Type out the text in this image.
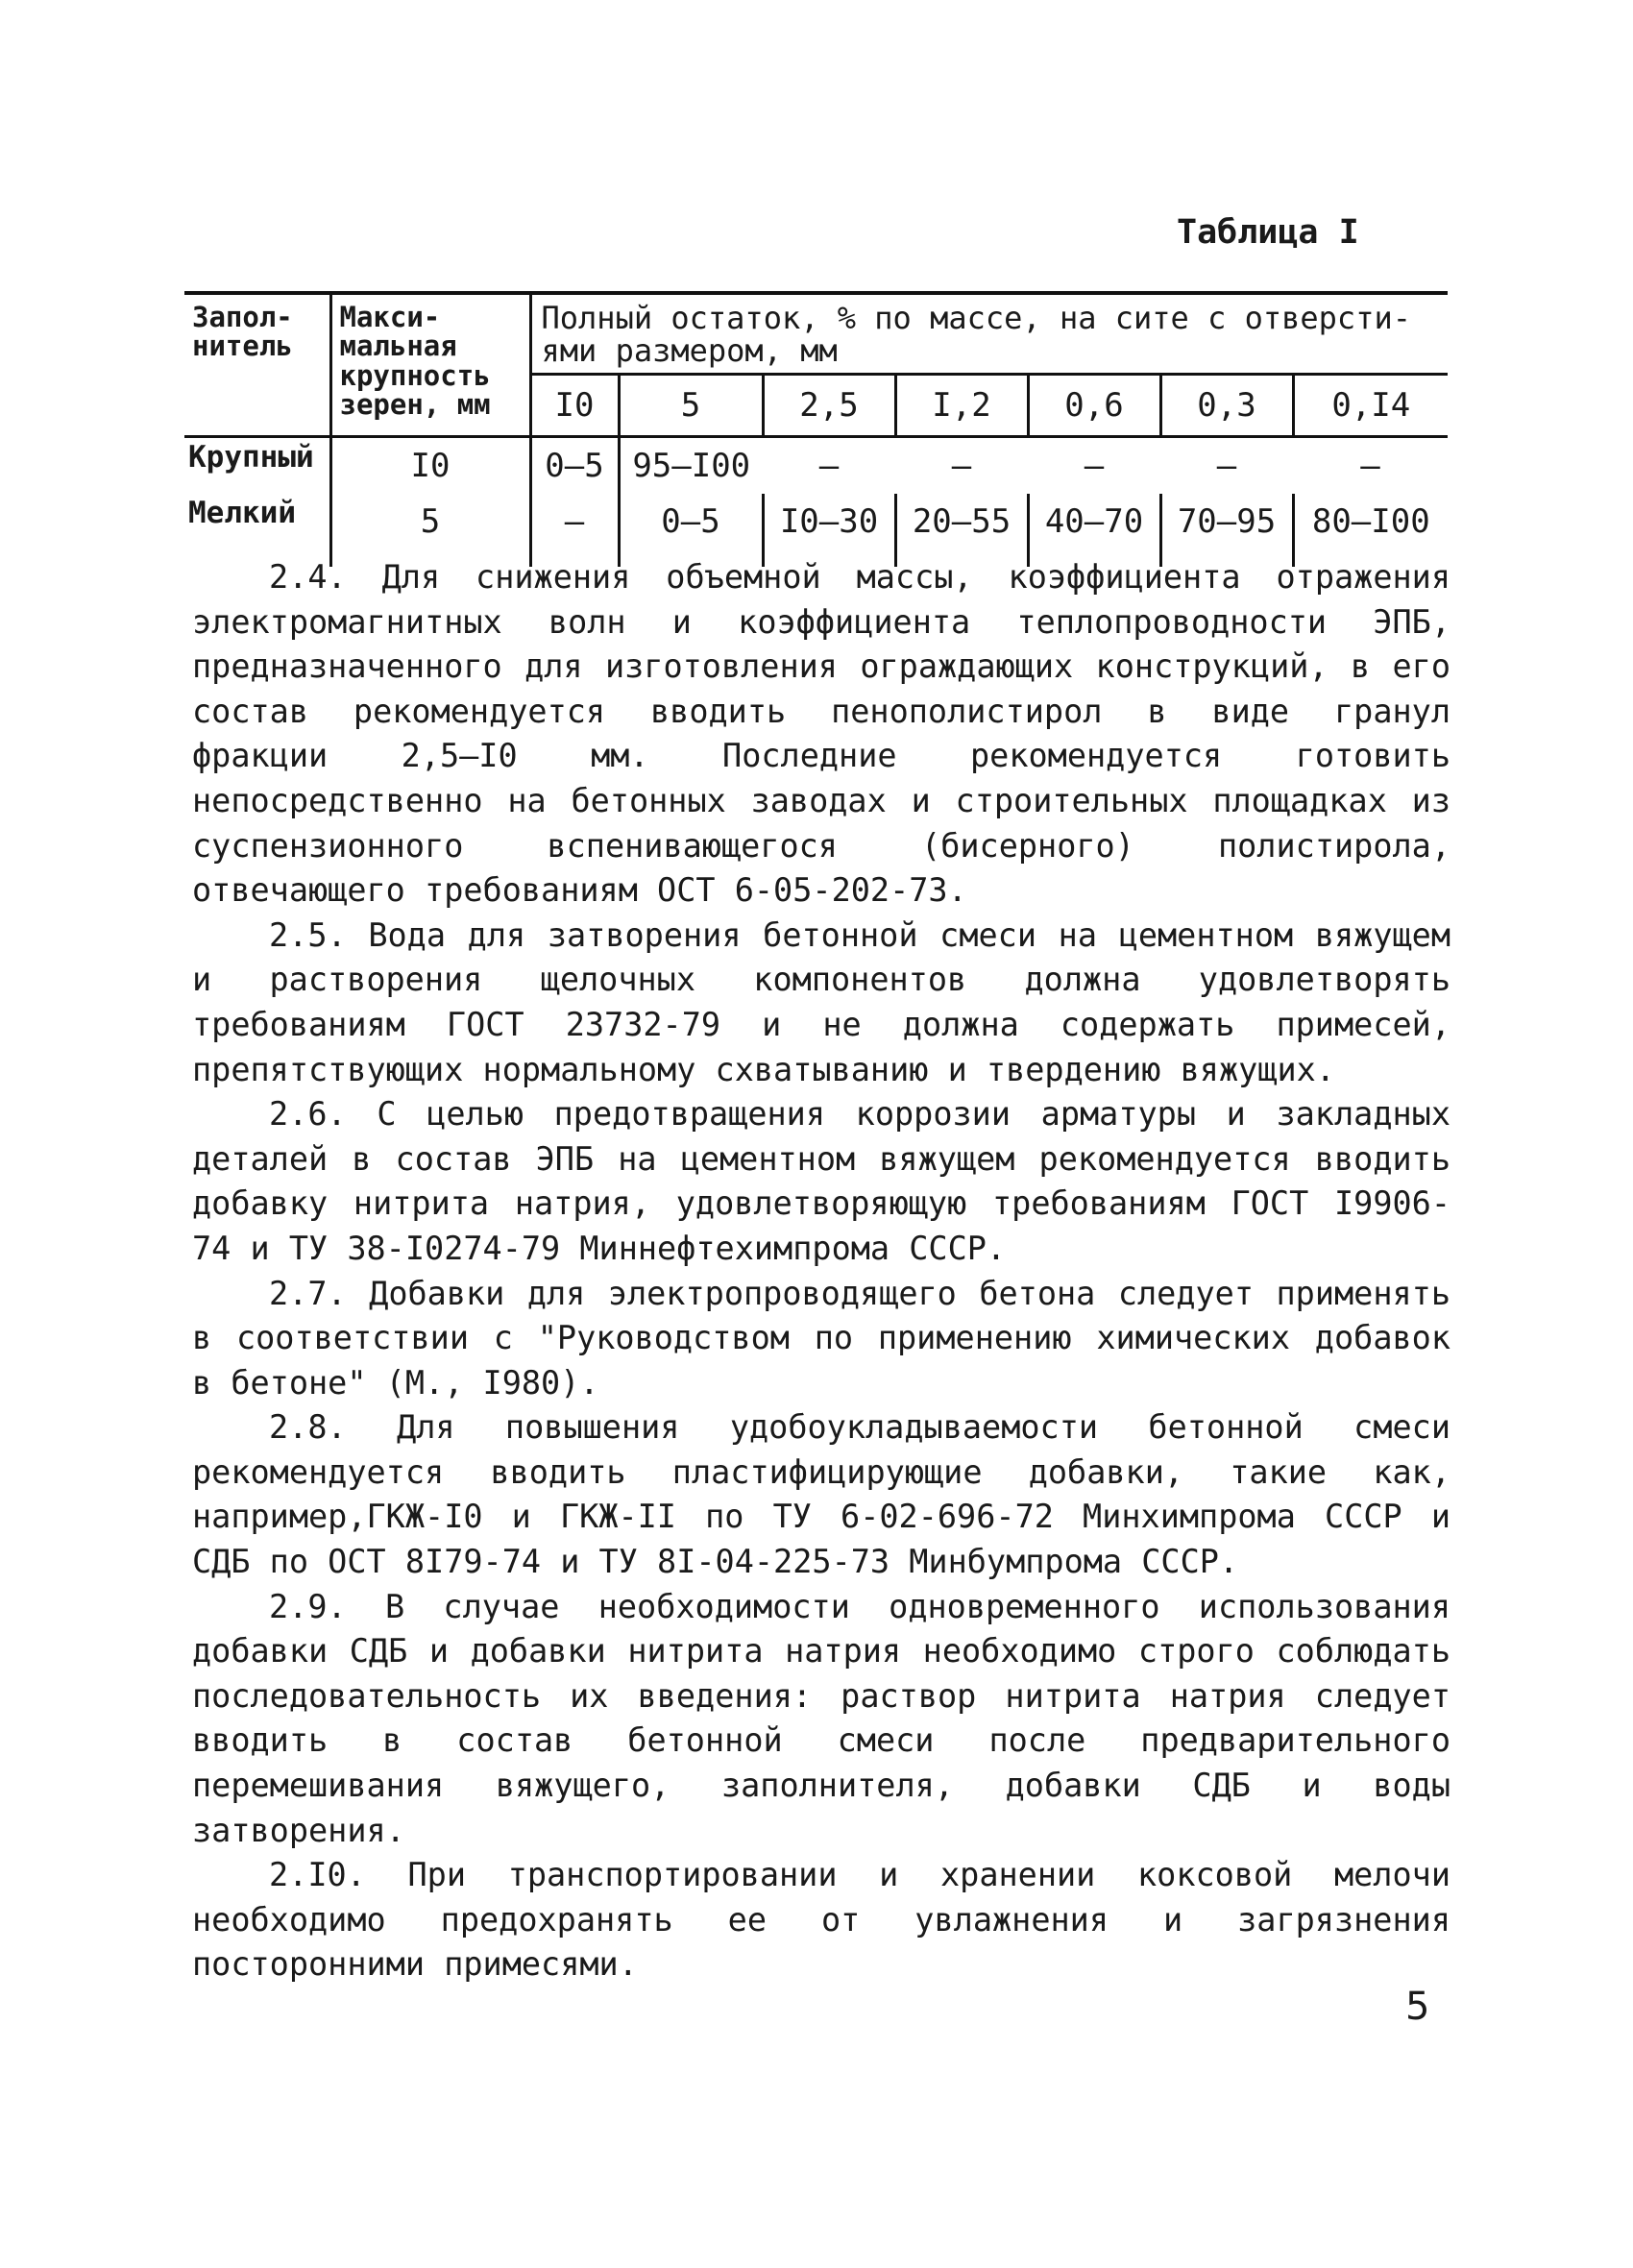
Таблица I
Запол-
нитель	Макси-
мальная
крупность
зерен, мм	Полный остаток, % по массе, на сите с отверсти-
ями размером, мм						
		I0	5	2,5	I,2	0,6	0,3	0,I4
Крупный	I0	0–5	95–I00	–	–	–	–	–
Мелкий	5	–	0–5	I0–30	20–55	40–70	70–95	80–I00

2.4. Для снижения объемной массы, коэффициента отражения электромагнитных волн и коэффициента теплопроводности ЭПБ, предназначенного для изготовления ограждающих конструкций, в его состав рекомендуется вводить пенополистирол в виде гранул фракции 2,5–I0 мм. Последние рекомендуется готовить непосредственно на бетонных заводах и строительных площадках из суспензионного вспенивающегося (бисерного) полистирола, отвечающего требованиям ОСТ 6-05-202-73.
2.5. Вода для затворения бетонной смеси на цементном вяжущем и растворения щелочных компонентов должна удовлетворять требованиям ГОСТ 23732-79 и не должна содержать примесей, препятствующих нормальному схватыванию и твердению вяжущих.
2.6. С целью предотвращения коррозии арматуры и закладных деталей в состав ЭПБ на цементном вяжущем рекомендуется вводить добавку нитрита натрия, удовлетворяющую требованиям ГОСТ I9906-74 и ТУ 38-I0274-79 Миннефтехимпрома СССР.
2.7. Добавки для электропроводящего бетона следует применять в соответствии с "Руководством по применению химических добавок в бетоне" (М., I980).
2.8. Для повышения удобоукладываемости бетонной смеси рекомендуется вводить пластифицирующие добавки, такие как, например,ГКЖ-I0 и ГКЖ-II по ТУ 6-02-696-72 Минхимпрома СССР и СДБ по ОСТ 8I79-74 и ТУ 8I-04-225-73 Минбумпрома СССР.
2.9. В случае необходимости одновременного использования добавки СДБ и добавки нитрита натрия необходимо строго соблюдать последовательность их введения: раствор нитрита натрия следует вводить в состав бетонной смеси после предварительного перемешивания вяжущего, заполнителя, добавки СДБ и воды затворения.
2.I0. При транспортировании и хранении коксовой мелочи необходимо предохранять ее от увлажнения и загрязнения посторонними примесями.
5
